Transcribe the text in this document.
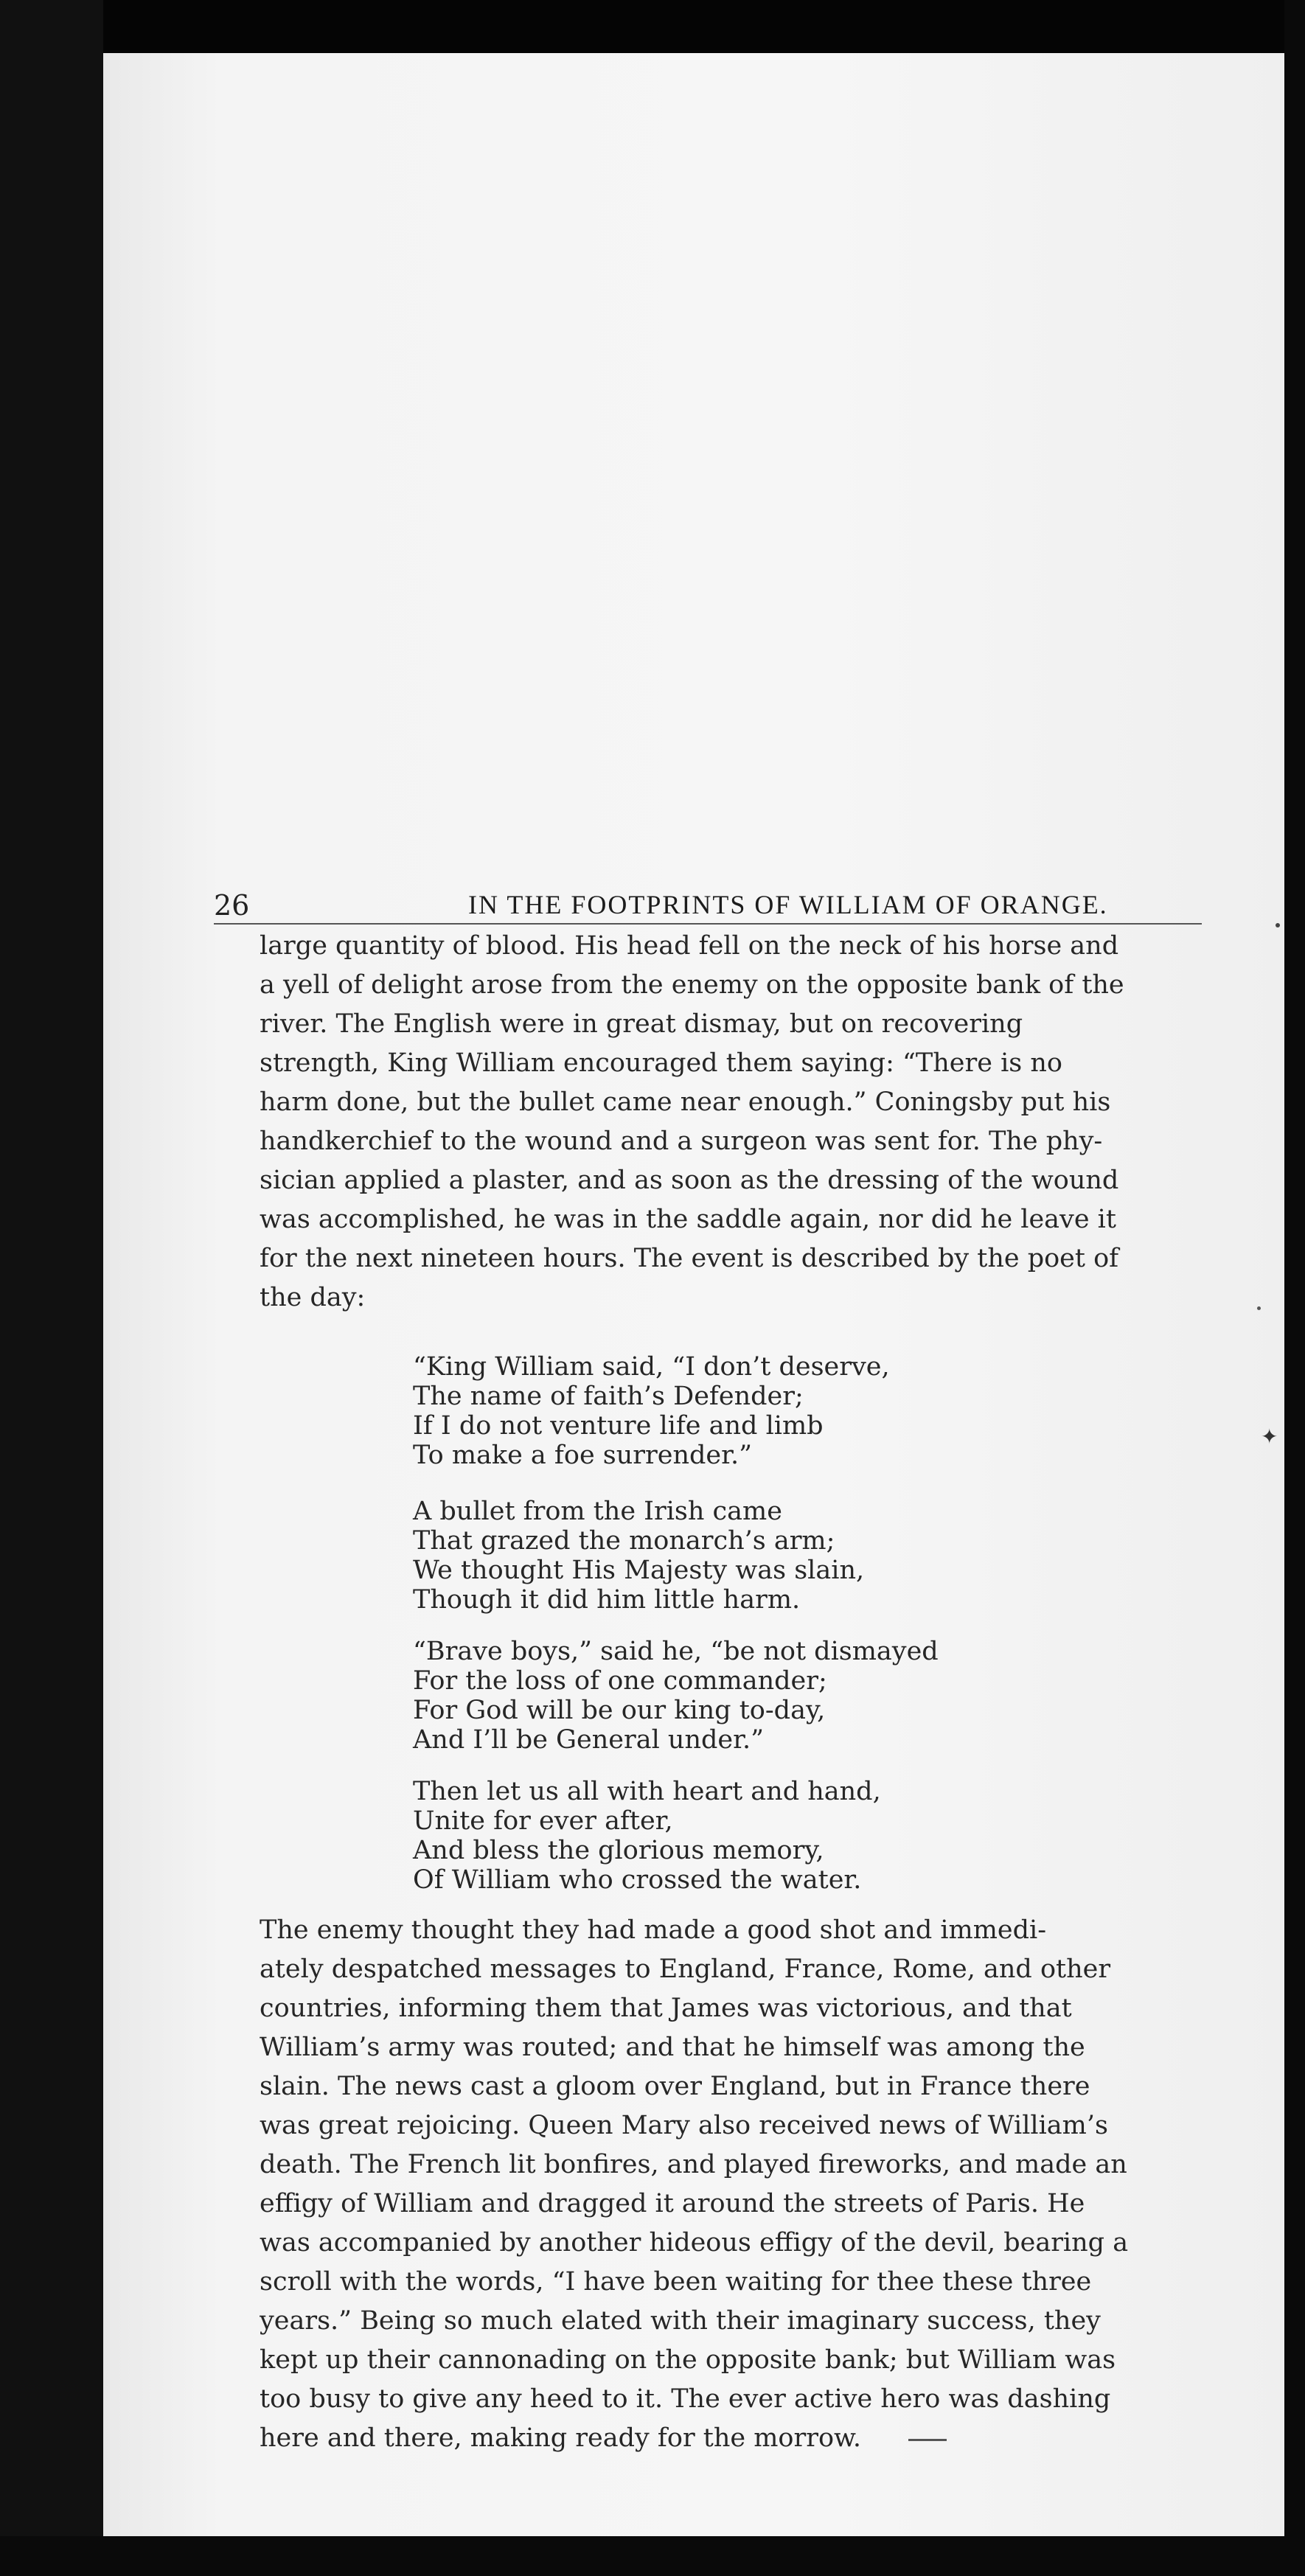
26	IN THE FOOTPRINTS OF WILLIAM OF ORANGE.
large quantity of blood. His head fell on the neck of his horse and
a yell of delight arose from the enemy on the opposite bank of the
river. The English were in great dismay, but on recovering
strength, King William encouraged them saying: “There is no
harm done, but the bullet came near enough.” Coningsby put his
handkerchief to the wound and a surgeon was sent for. The phy-
sician applied a plaster, and as soon as the dressing of the wound
was accomplished, he was in the saddle again, nor did he leave it
for the next nineteen hours. The event is described by the poet of
the day:
“King William said, “I don’t deserve,
The name of faith’s Defender;
If I do not venture life and limb
To make a foe surrender.”
A bullet from the Irish came
That grazed the monarch’s arm;
We thought His Majesty was slain,
Though it did him little harm.
“Brave boys,” said he, “be not dismayed
For the loss of one commander;
For God will be our king to-day,
And I’ll be General under.”
Then let us all with heart and hand,
Unite for ever after,
And bless the glorious memory,
Of William who crossed the water.
The enemy thought they had made a good shot and immedi-
ately despatched messages to England, France, Rome, and other
countries, informing them that James was victorious, and that
William’s army was routed; and that he himself was among the
slain. The news cast a gloom over England, but in France there
was great rejoicing. Queen Mary also received news of William’s
death. The French lit bonfires, and played fireworks, and made an
effigy of William and dragged it around the streets of Paris. He
was accompanied by another hideous effigy of the devil, bearing a
scroll with the words, “I have been waiting for thee these three
years.” Being so much elated with their imaginary success, they
kept up their cannonading on the opposite bank; but William was
too busy to give any heed to it. The ever active hero was dashing
here and there, making ready for the morrow.
✦
